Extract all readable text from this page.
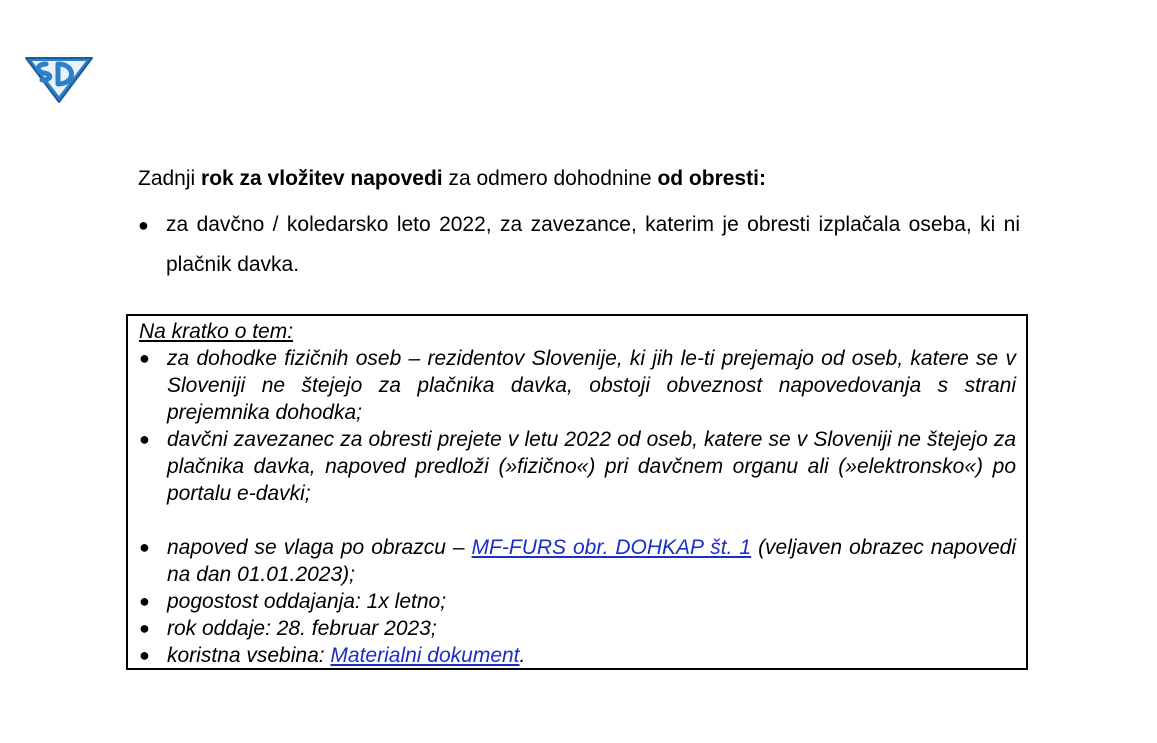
Zadnji rok za vložitev napovedi za odmero dohodnine od obresti:
● za davčno / koledarsko leto 2022, za zavezance, katerim je obresti izplačala oseba, ki ni plačnik davka.
Na kratko o tem:
● za dohodke fizičnih oseb – rezidentov Slovenije, ki jih le-ti prejemajo od oseb, katere se v Sloveniji ne štejejo za plačnika davka, obstoji obveznost napovedovanja s strani prejemnika dohodka;
● davčni zavezanec za obresti prejete v letu 2022 od oseb, katere se v Sloveniji ne štejejo za plačnika davka, napoved predloži (»fizično«) pri davčnem organu ali (»elektronsko«) po portalu e-davki;
● napoved se vlaga po obrazcu – MF-FURS obr. DOHKAP št. 1 (veljaven obrazec napovedi na dan 01.01.2023);
● pogostost oddajanja: 1x letno;
● rok oddaje: 28. februar 2023;
● koristna vsebina: Materialni dokument.
